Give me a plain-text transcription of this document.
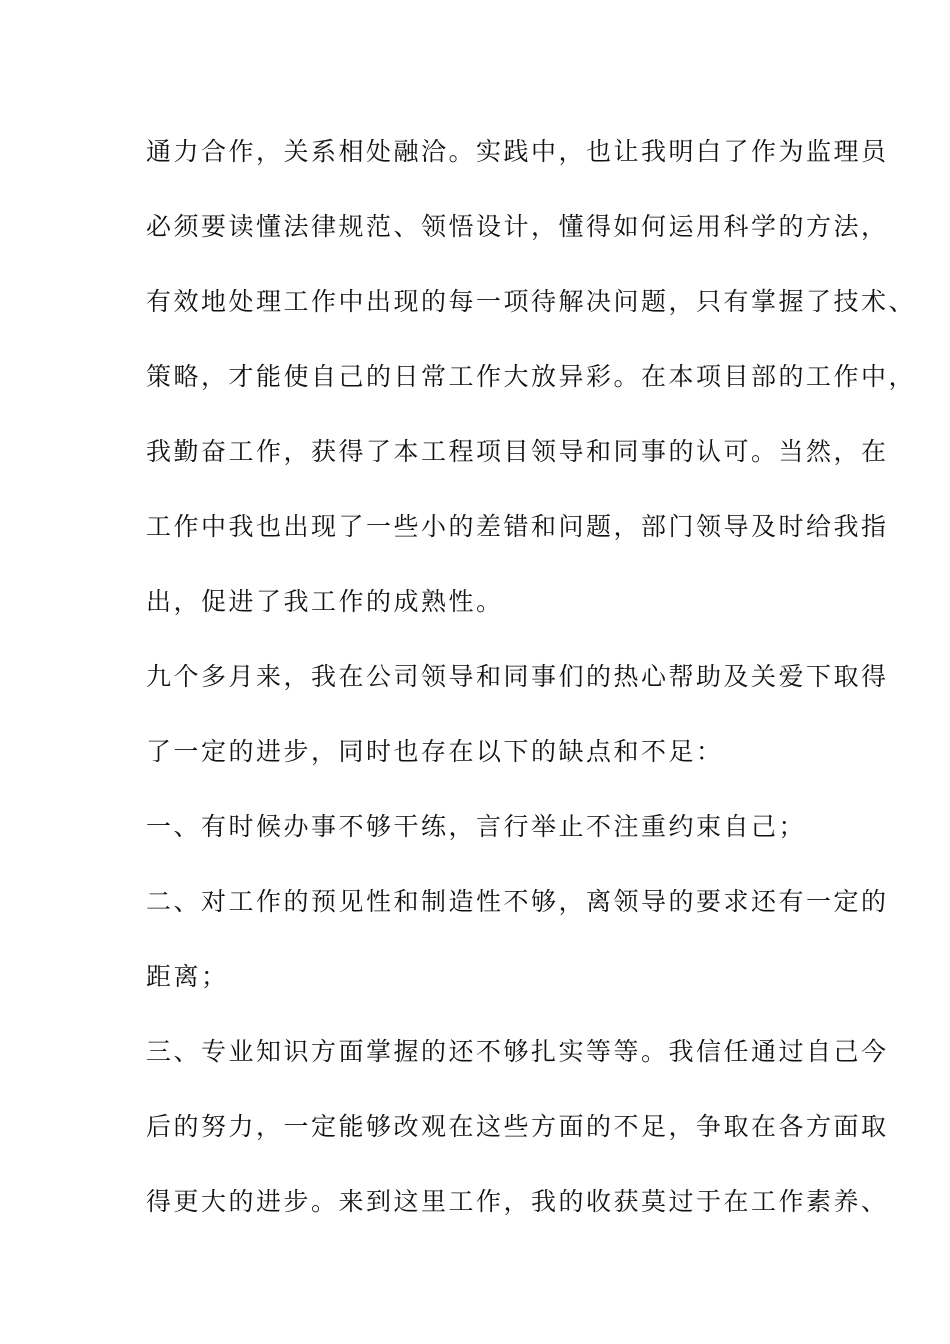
通力合作，关系相处融洽。实践中，也让我明白了作为监理员
必须要读懂法律规范、领悟设计，懂得如何运用科学的方法，
有效地处理工作中出现的每一项待解决问题，只有掌握了技术、
策略，才能使自己的日常工作大放异彩。在本项目部的工作中，
我勤奋工作，获得了本工程项目领导和同事的认可。当然，在
工作中我也出现了一些小的差错和问题，部门领导及时给我指
出，促进了我工作的成熟性。
九个多月来，我在公司领导和同事们的热心帮助及关爱下取得
了一定的进步，同时也存在以下的缺点和不足：
一、有时候办事不够干练，言行举止不注重约束自己；
二、对工作的预见性和制造性不够，离领导的要求还有一定的
距离；
三、专业知识方面掌握的还不够扎实等等。我信任通过自己今
后的努力，一定能够改观在这些方面的不足，争取在各方面取
得更大的进步。来到这里工作，我的收获莫过于在工作素养、
